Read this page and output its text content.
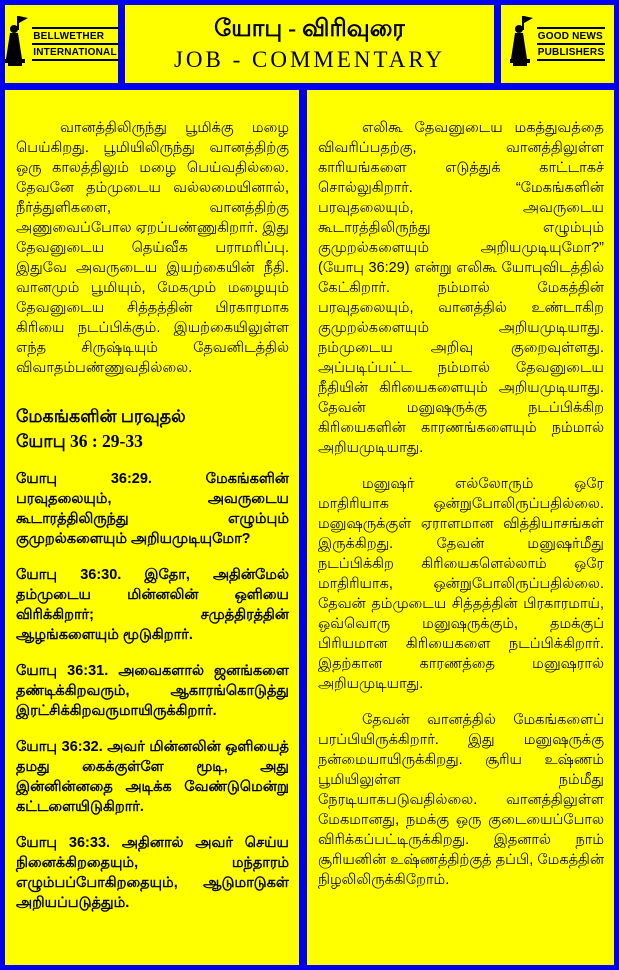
BELLWETHER
INTERNATIONAL
யோபு - விரிவுரை
JOB - COMMENTARY
GOOD NEWS
PUBLISHERS

வானத்திலிருந்து பூமிக்கு மழை பெய்கிறது. பூமியிலிருந்து வானத்திற்கு ஒரு காலத்திலும் மழை பெய்வதில்லை. தேவனே தம்முடைய வல்லமையினால், நீர்த்துளிகளை, வானத்திற்கு அணுவைப்போல ஏறப்பண்ணுகிறார். இது தேவனுடைய தெய்வீக பராமரிப்பு. இதுவே அவருடைய இயற்கையின் நீதி. வானமும் பூமியும், மேகமும் மழையும் தேவனுடைய சித்தத்தின் பிரகாரமாக கிரியை நடப்பிக்கும். இயற்கையிலுள்ள எந்த சிருஷ்டியும் தேவனிடத்தில் விவாதம்பண்ணுவதில்லை.

மேகங்களின் பரவுதல்
யோபு 36 : 29-33

யோபு 36:29. மேகங்களின் பரவுதலையும், அவருடைய கூடாரத்திலிருந்து எழும்பும் குமுறல்களையும் அறியமுடியுமோ?

யோபு 36:30. இதோ, அதின்மேல் தம்முடைய மின்னலின் ஒளியை விரிக்கிறார்; சமுத்திரத்தின் ஆழங்களையும் மூடுகிறார்.

யோபு 36:31. அவைகளால் ஜனங்களை தண்டிக்கிறவரும், ஆகாரங்கொடுத்து இரட்சிக்கிறவருமாயிருக்கிறார்.

யோபு 36:32. அவர் மின்னலின் ஒளியைத் தமது கைக்குள்ளே மூடி, அது இன்னின்னதை அடிக்க வேண்டுமென்று கட்டளையிடுகிறார்.

யோபு 36:33. அதினால் அவர் செய்ய நினைக்கிறதையும், மந்தாரம் எழும்பப்போகிறதையும், ஆடுமாடுகள் அறியப்படுத்தும்.

எலிகூ தேவனுடைய மகத்துவத்தை விவரிப்பதற்கு, வானத்திலுள்ள காரியங்களை எடுத்துக் காட்டாகச் சொல்லுகிறார். “மேகங்களின் பரவுதலையும், அவருடைய கூடாரத்திலிருந்து எழும்பும் குமுறல்களையும் அறியமுடியுமோ?” (யோபு 36:29) என்று எலிகூ யோபுவிடத்தில் கேட்கிறார். நம்மால் மேகத்தின் பரவுதலையும், வானத்தில் உண்டாகிற குமுறல்களையும் அறியமுடியாது. நம்முடைய அறிவு குறைவுள்ளது. அப்படிப்பட்ட நம்மால் தேவனுடைய நீதியின் கிரியைகளையும் அறியமுடியாது. தேவன் மனுஷருக்கு நடப்பிக்கிற கிரியைகளின் காரணங்களையும் நம்மால் அறியமுடியாது.

மனுஷர் எல்லோரும் ஒரே மாதிரியாக ஒன்றுபோலிருப்பதில்லை. மனுஷருக்குள் ஏராளமான வித்தியாசங்கள் இருக்கிறது. தேவன் மனுஷர்மீது நடப்பிக்கிற கிரியைகளெல்லாம் ஒரே மாதிரியாக, ஒன்றுபோலிருப்பதில்லை. தேவன் தம்முடைய சித்தத்தின் பிரகாரமாய், ஒவ்வொரு மனுஷருக்கும், தமக்குப் பிரியமான கிரியைகளை நடப்பிக்கிறார். இதற்கான காரணத்தை மனுஷரால் அறியமுடியாது.

தேவன் வானத்தில் மேகங்களைப் பரப்பியிருக்கிறார். இது மனுஷருக்கு நன்மையாயிருக்கிறது. சூரிய உஷ்ணம் பூமியிலுள்ள நம்மீது நேரடியாகபடுவதில்லை. வானத்திலுள்ள மேகமானது, நமக்கு ஒரு குடையைப்போல விரிக்கப்பட்டிருக்கிறது. இதனால் நாம் சூரியனின் உஷ்ணத்திற்குத் தப்பி, மேகத்தின் நிழலிலிருக்கிறோம்.
